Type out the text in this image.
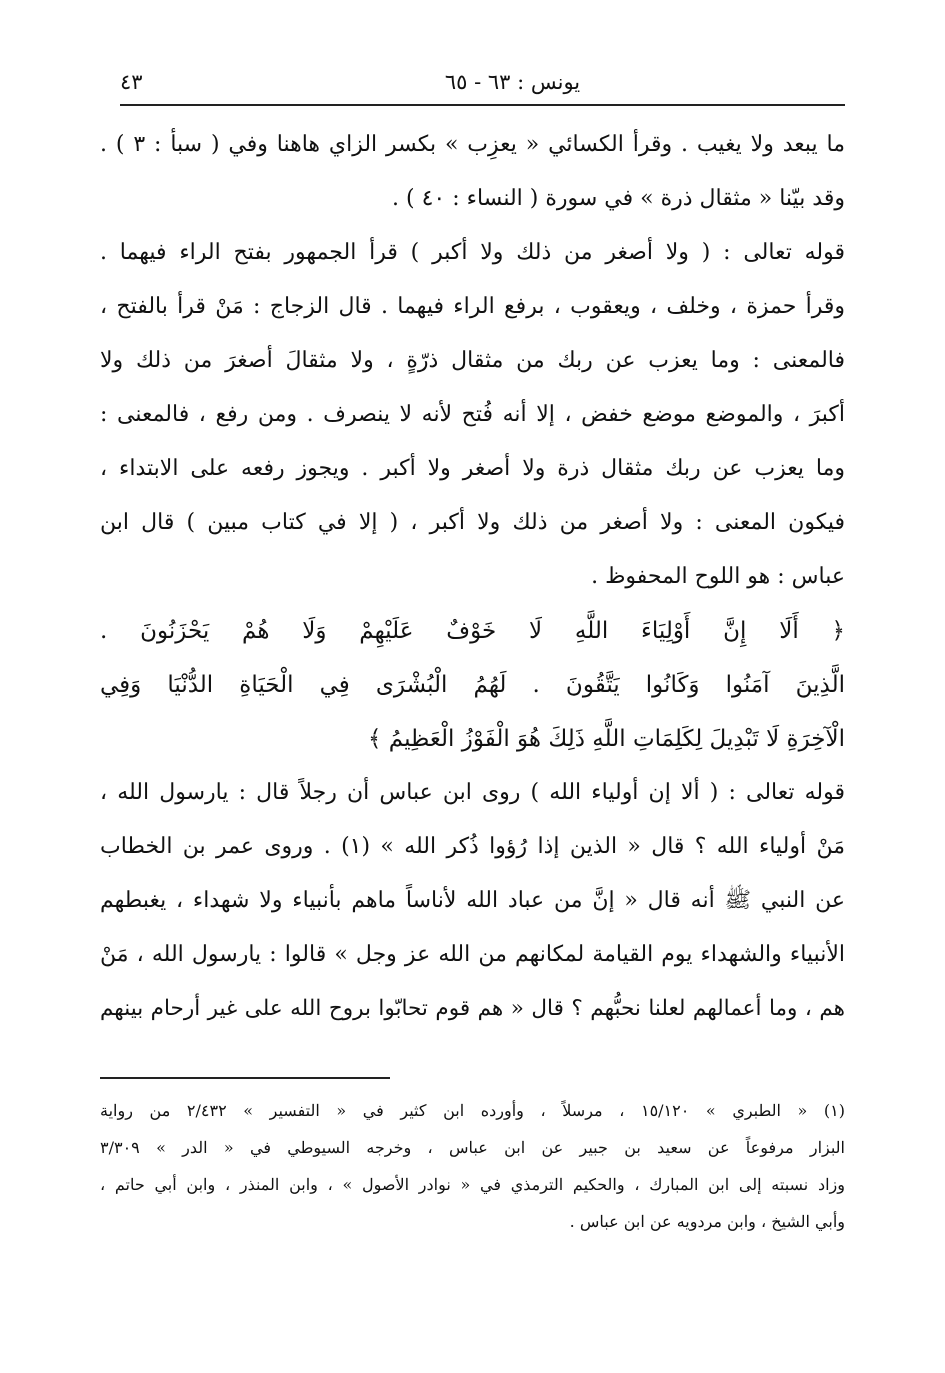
يونس : ٦٣ - ٦٥
٤٣
ما يبعد ولا يغيب . وقرأ الكسائي « يعزِب » بكسر الزاي هاهنا وفي ( سبأ : ٣ ) .
وقد بيّنا « مثقال ذرة » في سورة ( النساء : ٤٠ ) .
قوله تعالى : ( ولا أصغر من ذلك ولا أكبر ) قرأ الجمهور بفتح الراء فيهما .
وقرأ حمزة ، وخلف ، ويعقوب ، برفع الراء فيهما . قال الزجاج : مَنْ قرأ بالفتح ،
فالمعنى : وما يعزب عن ربك من مثقال ذرّةٍ ، ولا مثقالَ أصغرَ من ذلك ولا
أكبرَ ، والموضع موضع خفض ، إلا أنه فُتح لأنه لا ينصرف . ومن رفع ، فالمعنى :
وما يعزب عن ربك مثقال ذرة ولا أصغر ولا أكبر . ويجوز رفعه على الابتداء ،
فيكون المعنى : ولا أصغر من ذلك ولا أكبر ، ( إلا في كتاب مبين ) قال ابن
عباس : هو اللوح المحفوظ .
﴿ أَلَا إِنَّ أَوْلِيَاءَ اللَّهِ لَا خَوْفٌ عَلَيْهِمْ وَلَا هُمْ يَحْزَنُونَ .
الَّذِينَ آمَنُوا وَكَانُوا يَتَّقُونَ . لَهُمُ الْبُشْرَى فِي الْحَيَاةِ الدُّنْيَا وَفِي
الْآخِرَةِ لَا تَبْدِيلَ لِكَلِمَاتِ اللَّهِ ذَلِكَ هُوَ الْفَوْزُ الْعَظِيمُ ﴾
قوله تعالى : ( ألا إن أولياء الله ) روى ابن عباس أن رجلاً قال : يارسول الله ،
مَنْ أولياء الله ؟ قال « الذين إذا رُؤوا ذُكر الله » (١) . وروى عمر بن الخطاب
عن النبي ﷺ أنه قال « إنَّ من عباد الله لأناساً ماهم بأنبياء ولا شهداء ، يغبطهم
الأنبياء والشهداء يوم القيامة لمكانهم من الله عز وجل » قالوا : يارسول الله ، مَنْ
هم ، وما أعمالهم لعلنا نحبُّهم ؟ قال « هم قوم تحابّوا بروح الله على غير أرحام بينهم
(١) « الطبري » ١٥/١٢٠ ، مرسلاً ، وأورده ابن كثير في « التفسير » ٢/٤٣٢ من رواية
البزار مرفوعاً عن سعيد بن جبير عن ابن عباس ، وخرجه السيوطي في « الدر » ٣/٣٠٩
وزاد نسبته إلى ابن المبارك ، والحكيم الترمذي في « نوادر الأصول » ، وابن المنذر ، وابن أبي حاتم ،
وأبي الشيخ ، وابن مردويه عن ابن عباس .
